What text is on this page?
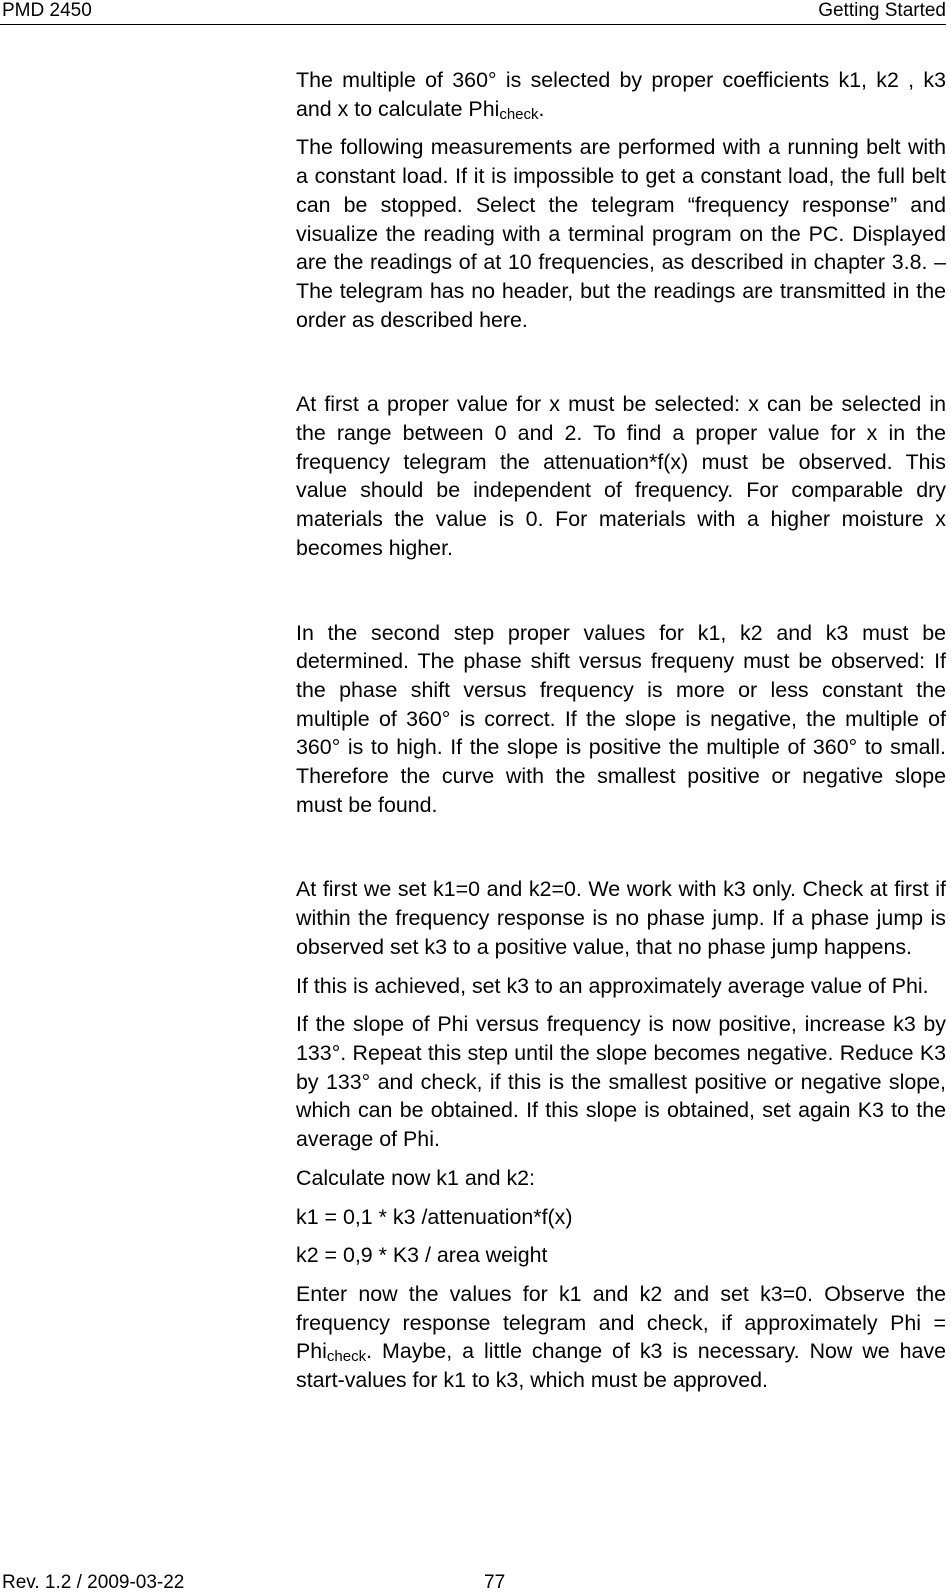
PMD 2450	Getting Started

The multiple of 360° is selected by proper coefficients k1, k2 , k3 and x to calculate Phicheck.

The following measurements are performed with a running belt with a constant load. If it is impossible to get a constant load, the full belt can be stopped. Select the telegram “frequency response” and visualize the reading with a terminal program on the PC. Displayed are the readings of at 10 frequencies, as described in chapter 3.8. – The telegram has no header, but the readings are transmitted in the order as described here.

At first a proper value for x must be selected: x can be selected in the range between 0 and 2. To find a proper value for x in the frequency telegram the attenuation*f(x) must be observed. This value should be independent of frequency. For comparable dry materials the value is 0. For materials with a higher moisture x becomes higher.

In the second step proper values for k1, k2 and k3 must be determined. The phase shift versus frequeny must be observed: If the phase shift versus frequency is more or less constant the multiple of 360° is correct. If the slope is negative, the multiple of 360° is to high. If the slope is positive the multiple of 360° to small. Therefore the curve with the smallest positive or negative slope must be found.

At first we set k1=0 and k2=0. We work with k3 only. Check at first if within the frequency response is no phase jump. If a phase jump is observed set k3 to a positive value, that no phase jump happens.

If this is achieved, set k3 to an approximately average value of Phi.

If the slope of Phi versus frequency is now positive, increase k3 by 133°. Repeat this step until the slope becomes negative. Reduce K3 by 133° and check, if this is the smallest positive or negative slope, which can be obtained. If this slope is obtained, set again K3 to the average of Phi.

Calculate now k1 and k2:

k1 = 0,1 * k3 /attenuation*f(x)

k2 = 0,9 * K3 / area weight

Enter now the values for k1 and k2 and set k3=0. Observe the frequency response telegram and check, if approximately Phi = Phicheck. Maybe, a little change of k3 is necessary. Now we have start-values for k1 to k3, which must be approved.

Rev. 1.2 / 2009-03-22	77
